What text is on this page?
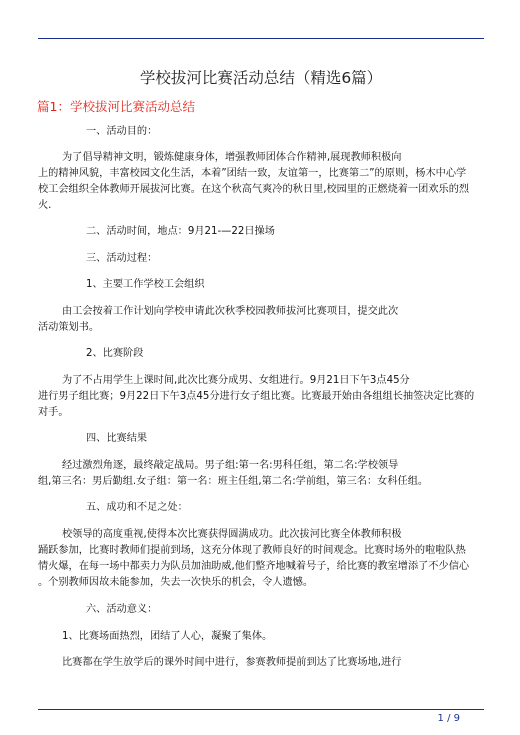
学校拔河比赛活动总结（精选6篇）
篇1：学校拔河比赛活动总结
一、活动目的：
为了倡导精神文明，锻炼健康身体，增强教师团体合作精神,展现教师积极向
上的精神风貌，丰富校园文化生活，本着”团结一致，友谊第一，比赛第二”的原则，杨木中心学
校工会组织全体教师开展拔河比赛。在这个秋高气爽冷的秋日里,校园里的正燃烧着一团欢乐的烈
火.
二、活动时间，地点：9月21-—22日操场
三、活动过程：
1、主要工作学校工会组织
由工会按着工作计划向学校申请此次秋季校园教师拔河比赛项目，提交此次
活动策划书。
2、比赛阶段
为了不占用学生上课时间,此次比赛分成男、女组进行。9月21日下午3点45分
进行男子组比赛；9月22日下午3点45分进行女子组比赛。比赛最开始由各组组长抽签决定比赛的
对手。
四、比赛结果
经过激烈角逐，最终敲定战局。男子组:第一名:男科任组，第二名:学校领导
组,第三名：男后勤组.女子组：第一名：班主任组,第二名:学前组，第三名：女科任组。
五、成功和不足之处：
校领导的高度重视,使得本次比赛获得圆满成功。此次拔河比赛全体教师积极
踊跃参加，比赛时教师们提前到场，这充分体现了教师良好的时间观念。比赛时场外的啦啦队热
情火爆，在每一场中都卖力为队员加油助威,他们整齐地喊着号子，给比赛的教室增添了不少信心
。个别教师因故未能参加，失去一次快乐的机会，令人遗憾。
六、活动意义：
1、比赛场面热烈，团结了人心，凝聚了集体。
比赛都在学生放学后的课外时间中进行，参赛教师提前到达了比赛场地,进行
1 / 9
